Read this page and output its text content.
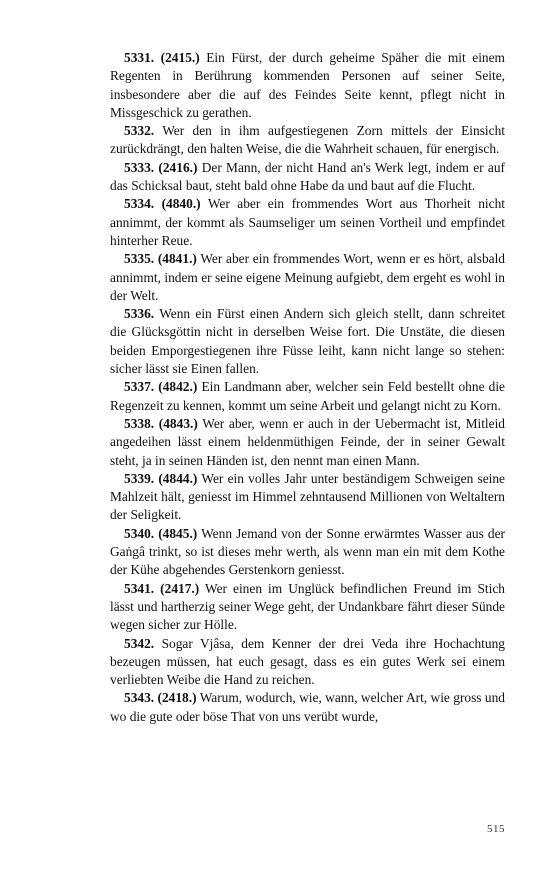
5331. (2415.) Ein Fürst, der durch geheime Späher die mit einem Regenten in Berührung kommenden Personen auf seiner Seite, insbesondere aber die auf des Feindes Seite kennt, pflegt nicht in Missgeschick zu gerathen.

5332. Wer den in ihm aufgestiegenen Zorn mittels der Einsicht zurückdrängt, den halten Weise, die die Wahrheit schauen, für energisch.

5333. (2416.) Der Mann, der nicht Hand an's Werk legt, indem er auf das Schicksal baut, steht bald ohne Habe da und baut auf die Flucht.

5334. (4840.) Wer aber ein frommendes Wort aus Thorheit nicht annimmt, der kommt als Saumseliger um seinen Vortheil und empfindet hinterher Reue.

5335. (4841.) Wer aber ein frommendes Wort, wenn er es hört, alsbald annimmt, indem er seine eigene Meinung aufgiebt, dem ergeht es wohl in der Welt.

5336. Wenn ein Fürst einen Andern sich gleich stellt, dann schreitet die Glücksgöttin nicht in derselben Weise fort. Die Unstäte, die diesen beiden Emporgestiegenen ihre Füsse leiht, kann nicht lange so stehen: sicher lässt sie Einen fallen.

5337. (4842.) Ein Landmann aber, welcher sein Feld bestellt ohne die Regenzeit zu kennen, kommt um seine Arbeit und gelangt nicht zu Korn.

5338. (4843.) Wer aber, wenn er auch in der Uebermacht ist, Mitleid angedeihen lässt einem heldenmüthigen Feinde, der in seiner Gewalt steht, ja in seinen Händen ist, den nennt man einen Mann.

5339. (4844.) Wer ein volles Jahr unter beständigem Schweigen seine Mahlzeit hält, geniesst im Himmel zehntausend Millionen von Weltaltern der Seligkeit.

5340. (4845.) Wenn Jemand von der Sonne erwärmtes Wasser aus der Gaṅgâ trinkt, so ist dieses mehr werth, als wenn man ein mit dem Kothe der Kühe abgehendes Gerstenkorn geniesst.

5341. (2417.) Wer einen im Unglück befindlichen Freund im Stich lässt und hartherzig seiner Wege geht, der Undankbare fährt dieser Sünde wegen sicher zur Hölle.

5342. Sogar Vjâsa, dem Kenner der drei Veda ihre Hochachtung bezeugen müssen, hat euch gesagt, dass es ein gutes Werk sei einem verliebten Weibe die Hand zu reichen.

5343. (2418.) Warum, wodurch, wie, wann, welcher Art, wie gross und wo die gute oder böse That von uns verübt wurde,

515
